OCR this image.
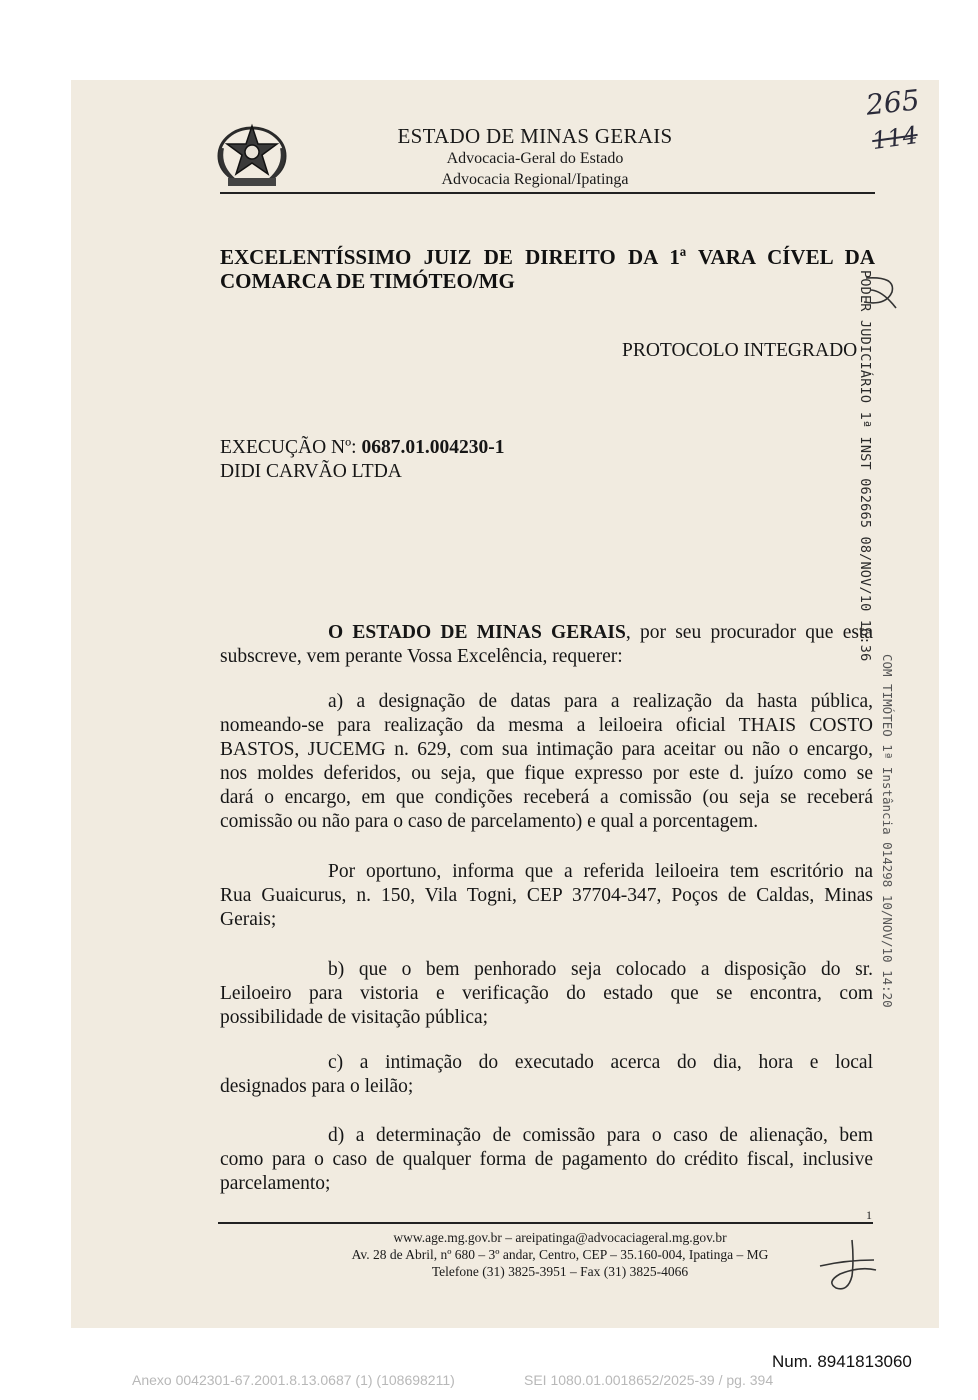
265
114
ESTADO DE MINAS GERAIS
Advocacia-Geral do Estado
Advocacia Regional/Ipatinga
EXCELENTÍSSIMO JUIZ DE DIREITO DA 1ª VARA CÍVEL DA
COMARCA DE TIMÓTEO/MG
PROTOCOLO INTEGRADO
EXECUÇÃO Nº: 0687.01.004230-1
DIDI CARVÃO LTDA
O ESTADO DE MINAS GERAIS, por seu procurador que esta
subscreve, vem perante Vossa Excelência, requerer:
a) a designação de datas para a realização da hasta pública,
nomeando-se para realização da mesma a leiloeira oficial THAIS COSTO
BASTOS, JUCEMG n. 629, com sua intimação para aceitar ou não o encargo,
nos moldes deferidos, ou seja, que fique expresso por este d. juízo como se
dará o encargo, em que condições receberá a comissão (ou seja se receberá
comissão ou não para o caso de parcelamento) e qual a porcentagem.
Por oportuno, informa que a referida leiloeira tem escritório na
Rua Guaicurus, n. 150, Vila Togni, CEP 37704-347, Poços de Caldas, Minas
Gerais;
b) que o bem penhorado seja colocado a disposição do sr.
Leiloeiro para vistoria e verificação do estado que se encontra, com
possibilidade de visitação pública;
c) a intimação do executado acerca do dia, hora e local
designados para o leilão;
d) a determinação de comissão para o caso de alienação, bem
como para o caso de qualquer forma de pagamento do crédito fiscal, inclusive
parcelamento;
PODER JUDICIÁRIO 1ª INST 062665 08/NOV/10 16:36
COM TIMÓTEO 1ª Instância 014298 10/NOV/10 14:20
1
www.age.mg.gov.br – areipatinga@advocaciageral.mg.gov.br
Av. 28 de Abril, nº 680 – 3º andar, Centro, CEP – 35.160-004, Ipatinga – MG
Telefone (31) 3825-3951 – Fax (31) 3825-4066
Num. 8941813060
Anexo 0042301-67.2001.8.13.0687 (1) (108698211)	SEI 1080.01.0018652/2025-39 / pg. 394
